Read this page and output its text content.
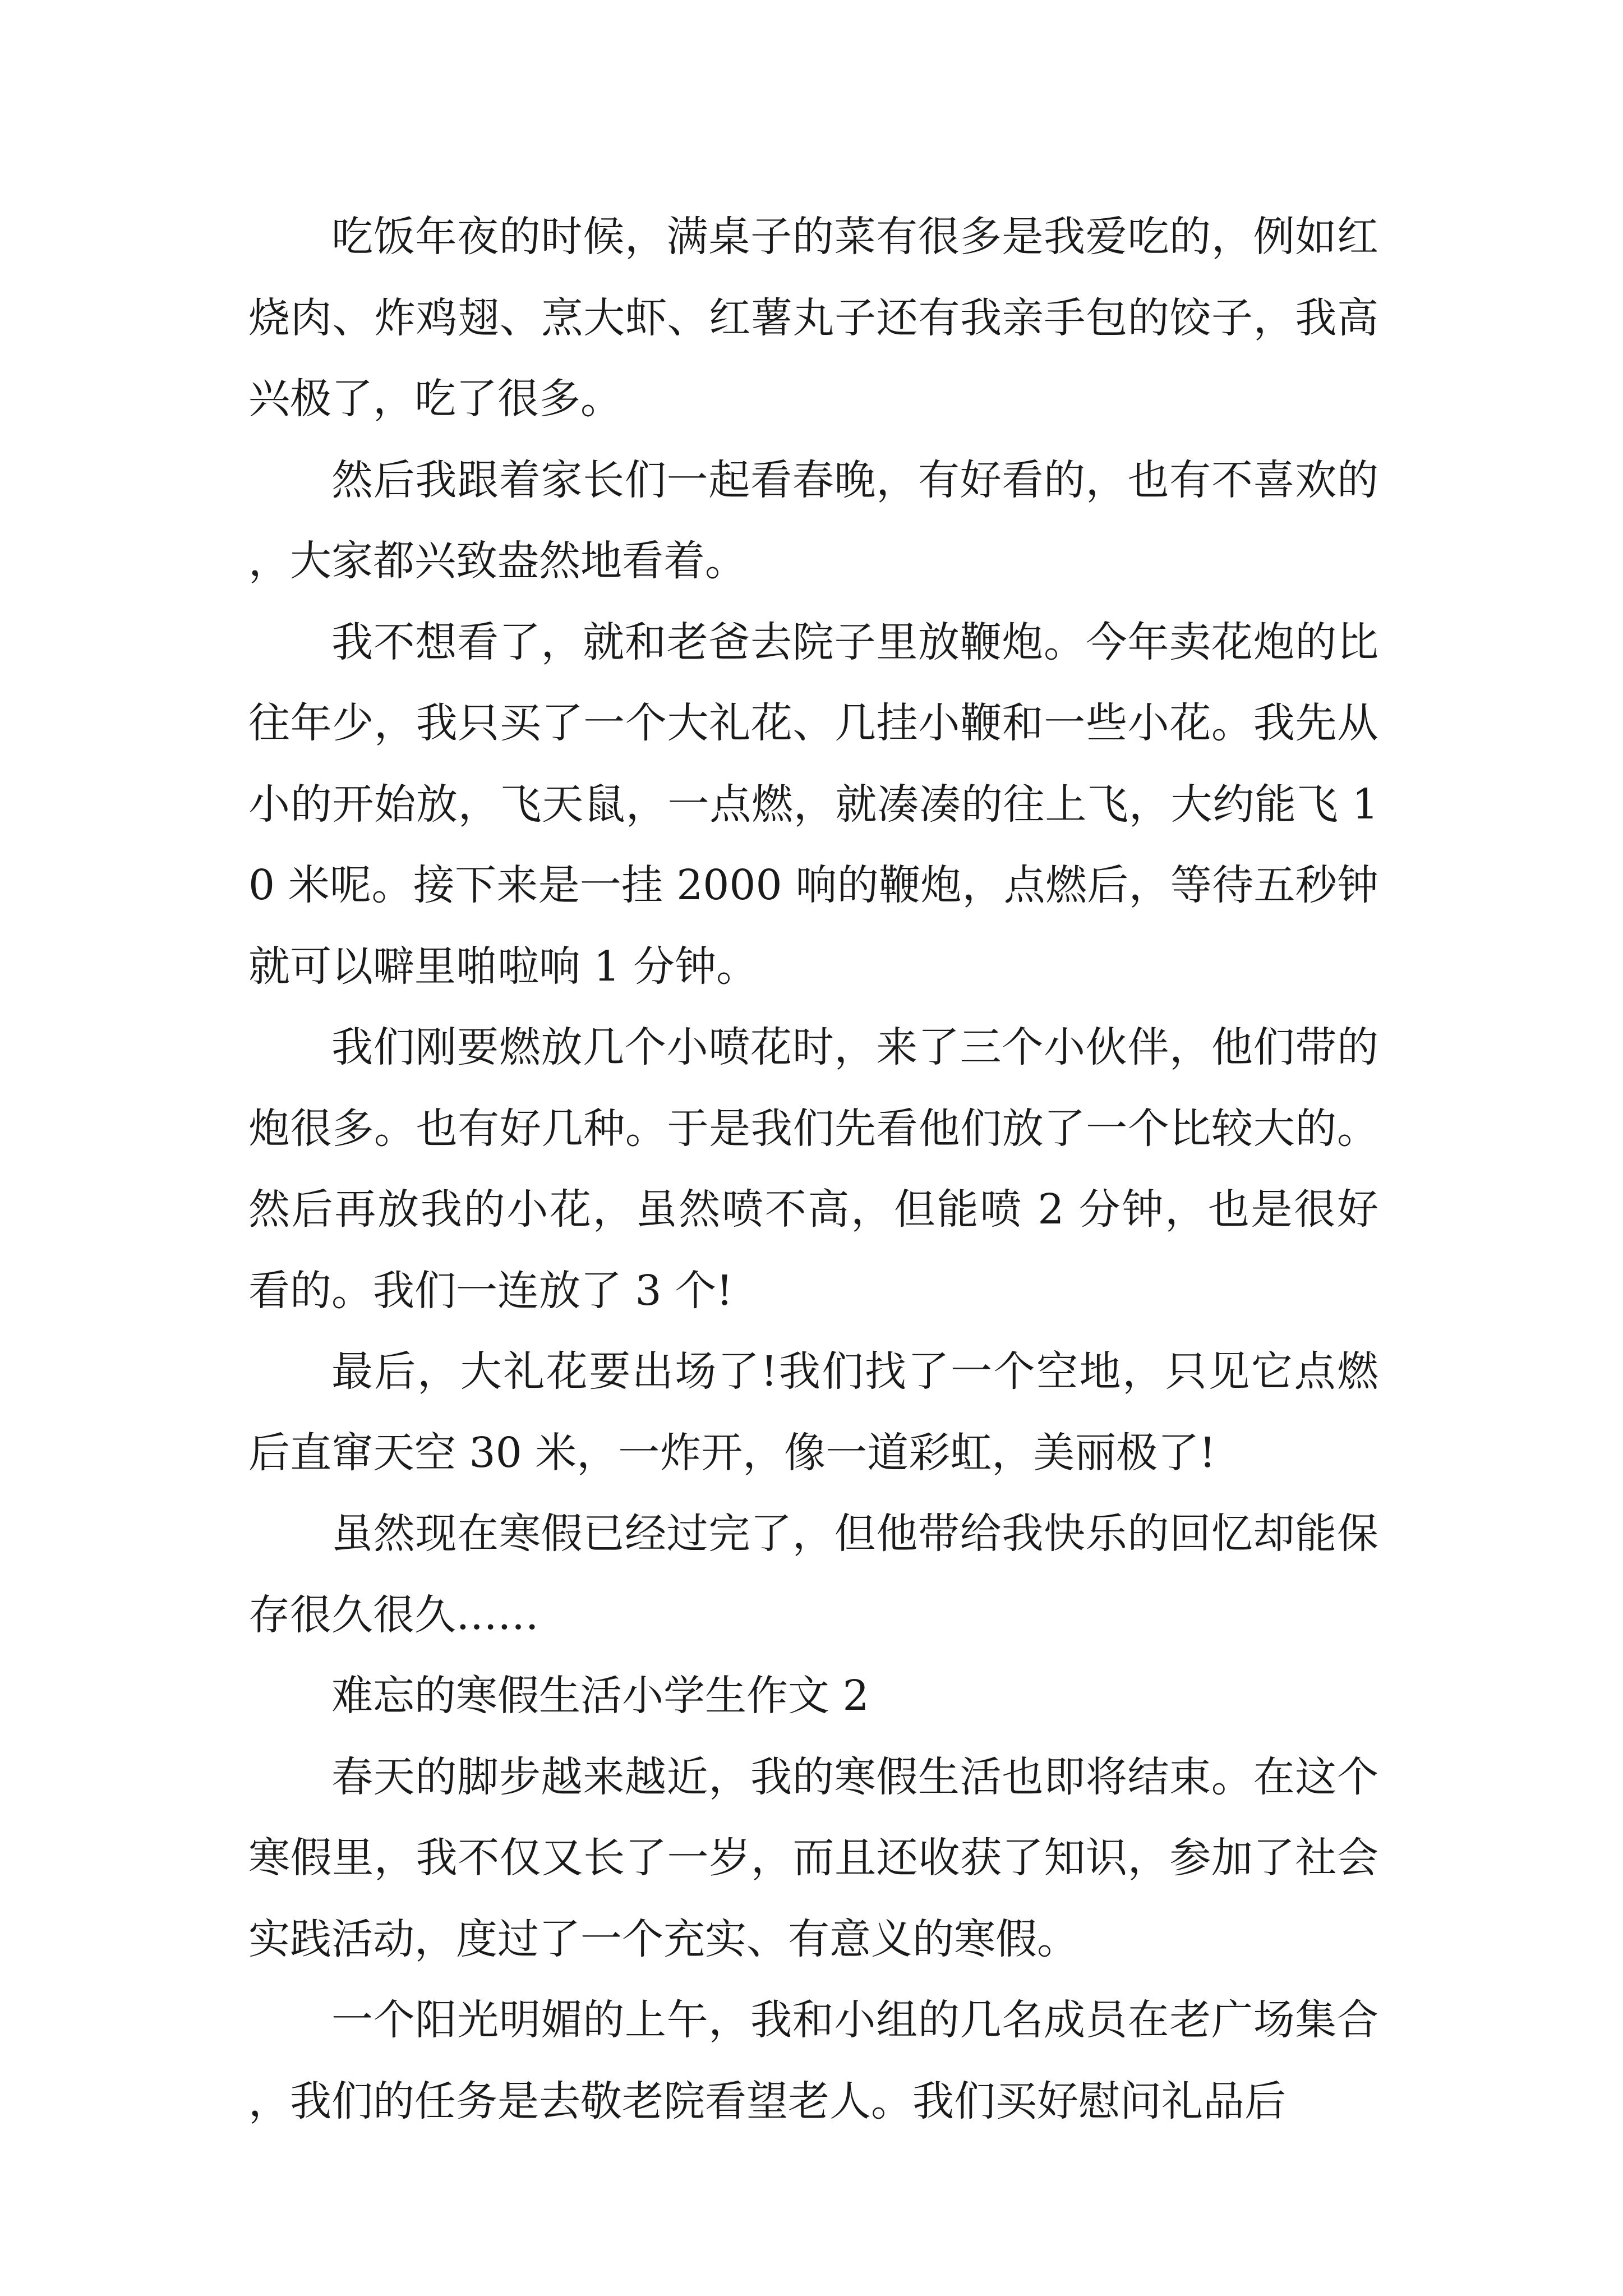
吃饭年夜的时候，满桌子的菜有很多是我爱吃的，例如红烧肉、炸鸡翅、烹大虾、红薯丸子还有我亲手包的饺子，我高兴极了，吃了很多。

然后我跟着家长们一起看春晚，有好看的，也有不喜欢的，大家都兴致盎然地看着。

我不想看了，就和老爸去院子里放鞭炮。今年卖花炮的比往年少，我只买了一个大礼花、几挂小鞭和一些小花。我先从小的开始放，飞天鼠，一点燃，就凑凑的往上飞，大约能飞 10 米呢。接下来是一挂 2000 响的鞭炮，点燃后，等待五秒钟就可以噼里啪啦响 1 分钟。

我们刚要燃放几个小喷花时，来了三个小伙伴，他们带的炮很多。也有好几种。于是我们先看他们放了一个比较大的。然后再放我的小花，虽然喷不高，但能喷 2 分钟，也是很好看的。我们一连放了 3 个!

最后，大礼花要出场了!我们找了一个空地，只见它点燃后直窜天空 30 米，一炸开，像一道彩虹，美丽极了!

虽然现在寒假已经过完了，但他带给我快乐的回忆却能保存很久很久……

难忘的寒假生活小学生作文 2

春天的脚步越来越近，我的寒假生活也即将结束。在这个寒假里，我不仅又长了一岁，而且还收获了知识，参加了社会实践活动，度过了一个充实、有意义的寒假。

一个阳光明媚的上午，我和小组的几名成员在老广场集合，我们的任务是去敬老院看望老人。我们买好慰问礼品后
